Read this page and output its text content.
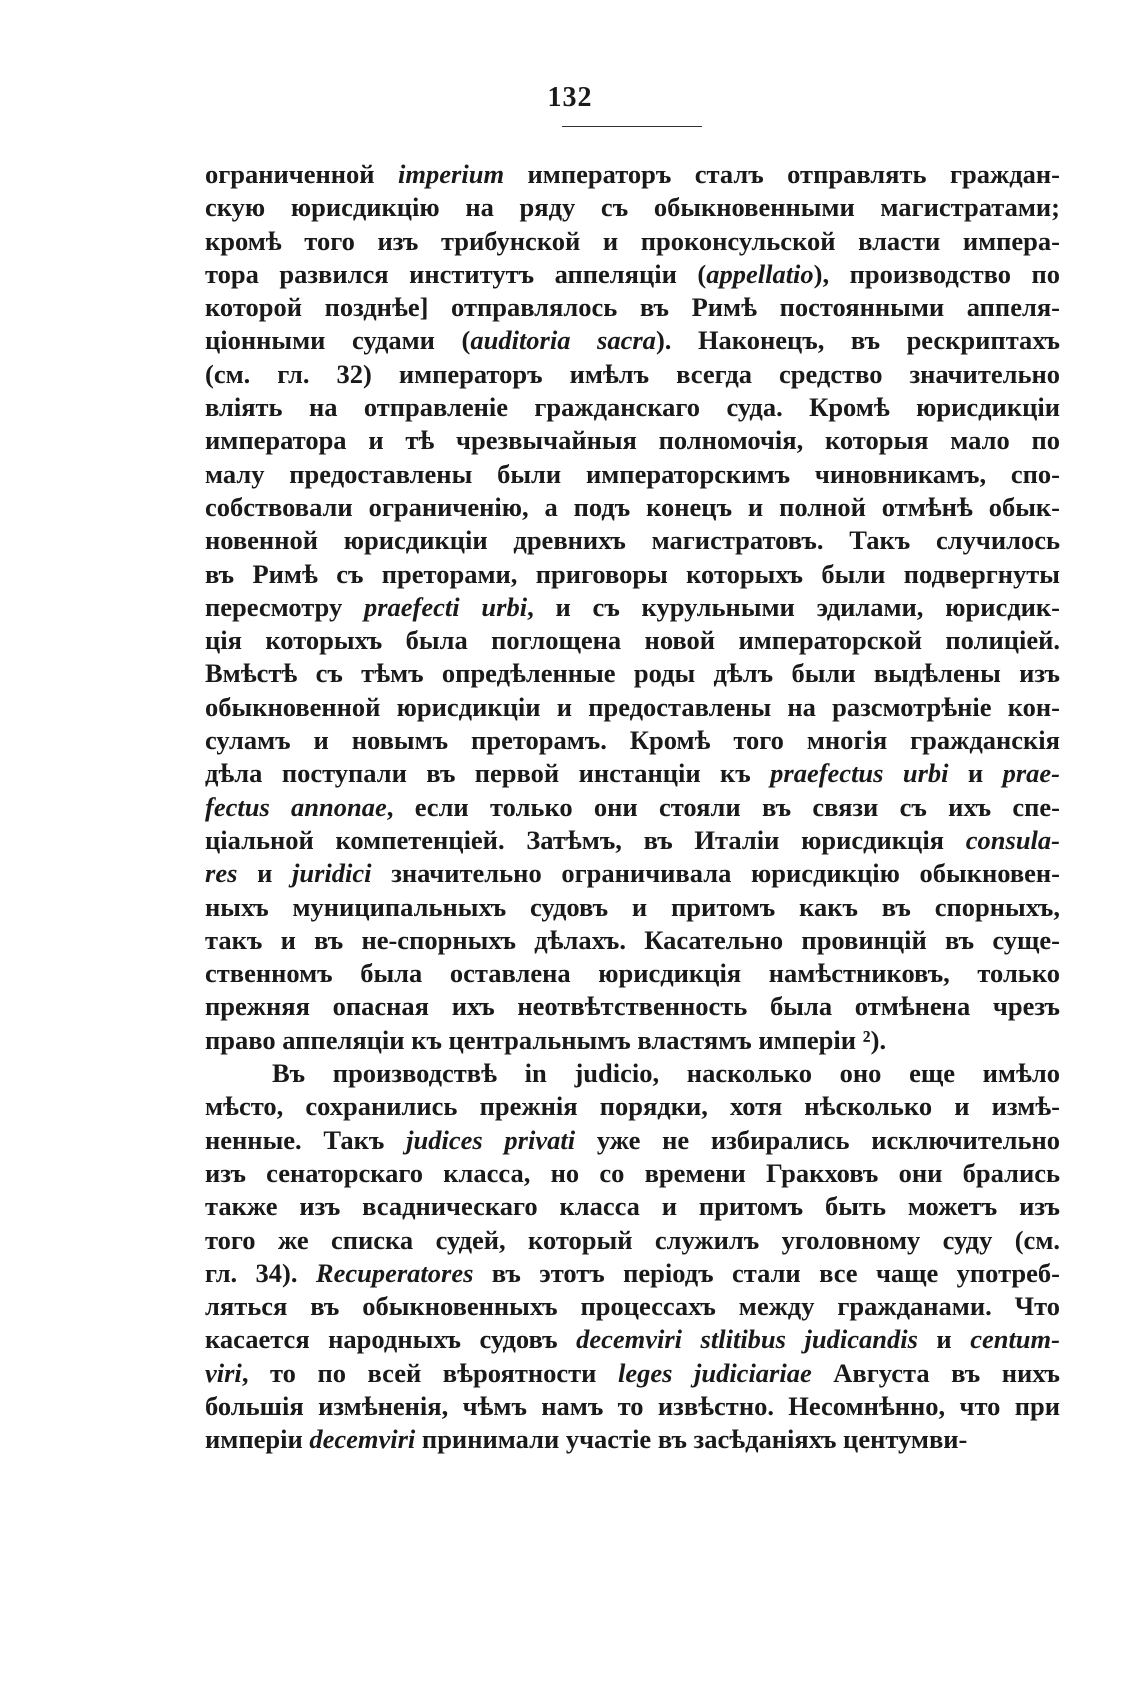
132
ограниченной imperium императоръ сталъ отправлять граждан-
скую юрисдикцію на ряду съ обыкновенными магистратами;
кромѣ того изъ трибунской и проконсульской власти импера-
тора развился институтъ аппеляціи (appellatio), производство по
которой позднѣе] отправлялось въ Римѣ постоянными аппеля-
ціонными судами (auditoria sacra). Наконецъ, въ рескриптахъ
(см. гл. 32) императоръ имѣлъ всегда средство значительно
вліять на отправленіе гражданскаго суда. Кромѣ юрисдикціи
императора и тѣ чрезвычайныя полномочія, которыя мало по
малу предоставлены были императорскимъ чиновникамъ, спо-
собствовали ограниченію, а подъ конецъ и полной отмѣнѣ обык-
новенной юрисдикціи древнихъ магистратовъ. Такъ случилось
въ Римѣ съ преторами, приговоры которыхъ были подвергнуты
пересмотру praefecti urbi, и съ курульными эдилами, юрисдик-
ція которыхъ была поглощена новой императорской полиціей.
Вмѣстѣ съ тѣмъ опредѣленные роды дѣлъ были выдѣлены изъ
обыкновенной юрисдикціи и предоставлены на разсмотрѣніе кон-
суламъ и новымъ преторамъ. Кромѣ того многія гражданскія
дѣла поступали въ первой инстанціи къ praefectus urbi и prae-
fectus annonae, если только они стояли въ связи съ ихъ спе-
ціальной компетенціей. Затѣмъ, въ Италіи юрисдикція consula-
res и juridici значительно ограничивала юрисдикцію обыкновен-
ныхъ муниципальныхъ судовъ и притомъ какъ въ спорныхъ,
такъ и въ не-спорныхъ дѣлахъ. Касательно провинцій въ суще-
ственномъ была оставлена юрисдикція намѣстниковъ, только
прежняя опасная ихъ неотвѣтственность была отмѣнена чрезъ
право аппеляціи къ центральнымъ властямъ имперіи ²).
Въ производствѣ in judicio, насколько оно еще имѣло
мѣсто, сохранились прежнія порядки, хотя нѣсколько и измѣ-
ненные. Такъ judices privati уже не избирались исключительно
изъ сенаторскаго класса, но со времени Гракховъ они брались
также изъ всадническаго класса и притомъ быть можетъ изъ
того же списка судей, который служилъ уголовному суду (см.
гл. 34). Recuperatores въ этотъ періодъ стали все чаще употреб-
ляться въ обыкновенныхъ процессахъ между гражданами. Что
касается народныхъ судовъ decemviri stlitibus judicandis и centum-
viri, то по всей вѣроятности leges judiciariae Августа въ нихъ
большія измѣненія, чѣмъ намъ то извѣстно. Несомнѣнно, что при
имперіи decemviri принимали участіе въ засѣданіяхъ центумви-
